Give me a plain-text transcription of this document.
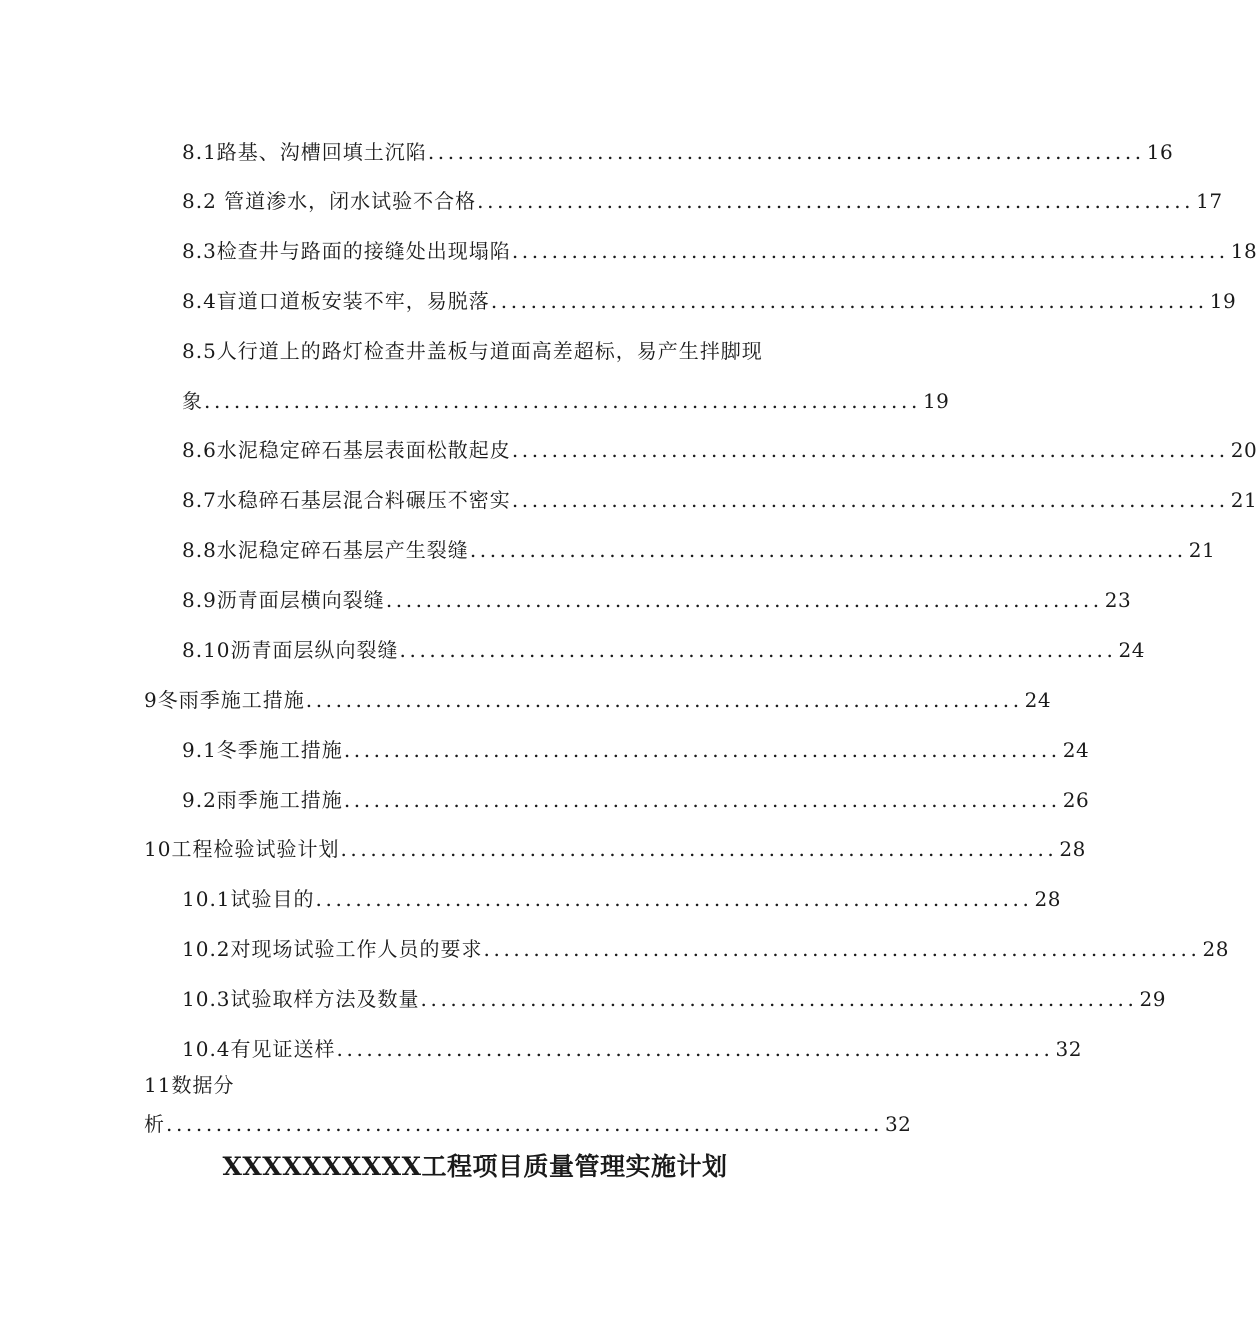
8.1路基、沟槽回填土沉陷 ........................................................................ 16
8.2 管道渗水，闭水试验不合格 ........................................................................ 17
8.3检查井与路面的接缝处出现塌陷 ........................................................................ 18
8.4盲道口道板安装不牢，易脱落 ........................................................................ 19
8.5人行道上的路灯检查井盖板与道面高差超标，易产生拌脚现
象 ........................................................................ 19
8.6水泥稳定碎石基层表面松散起皮 ........................................................................ 20
8.7水稳碎石基层混合料碾压不密实 ........................................................................ 21
8.8水泥稳定碎石基层产生裂缝 ........................................................................ 21
8.9沥青面层横向裂缝 ........................................................................ 23
8.10沥青面层纵向裂缝 ........................................................................ 24
9冬雨季施工措施 ........................................................................ 24
9.1冬季施工措施 ........................................................................ 24
9.2雨季施工措施 ........................................................................ 26
10工程检验试验计划 ........................................................................ 28
10.1试验目的 ........................................................................ 28
10.2对现场试验工作人员的要求 ........................................................................ 28
10.3试验取样方法及数量 ........................................................................ 29
10.4有见证送样 ........................................................................ 32
11数据分
析 ........................................................................ 32
XXXXXXXXXX工程项目质量管理实施计划
